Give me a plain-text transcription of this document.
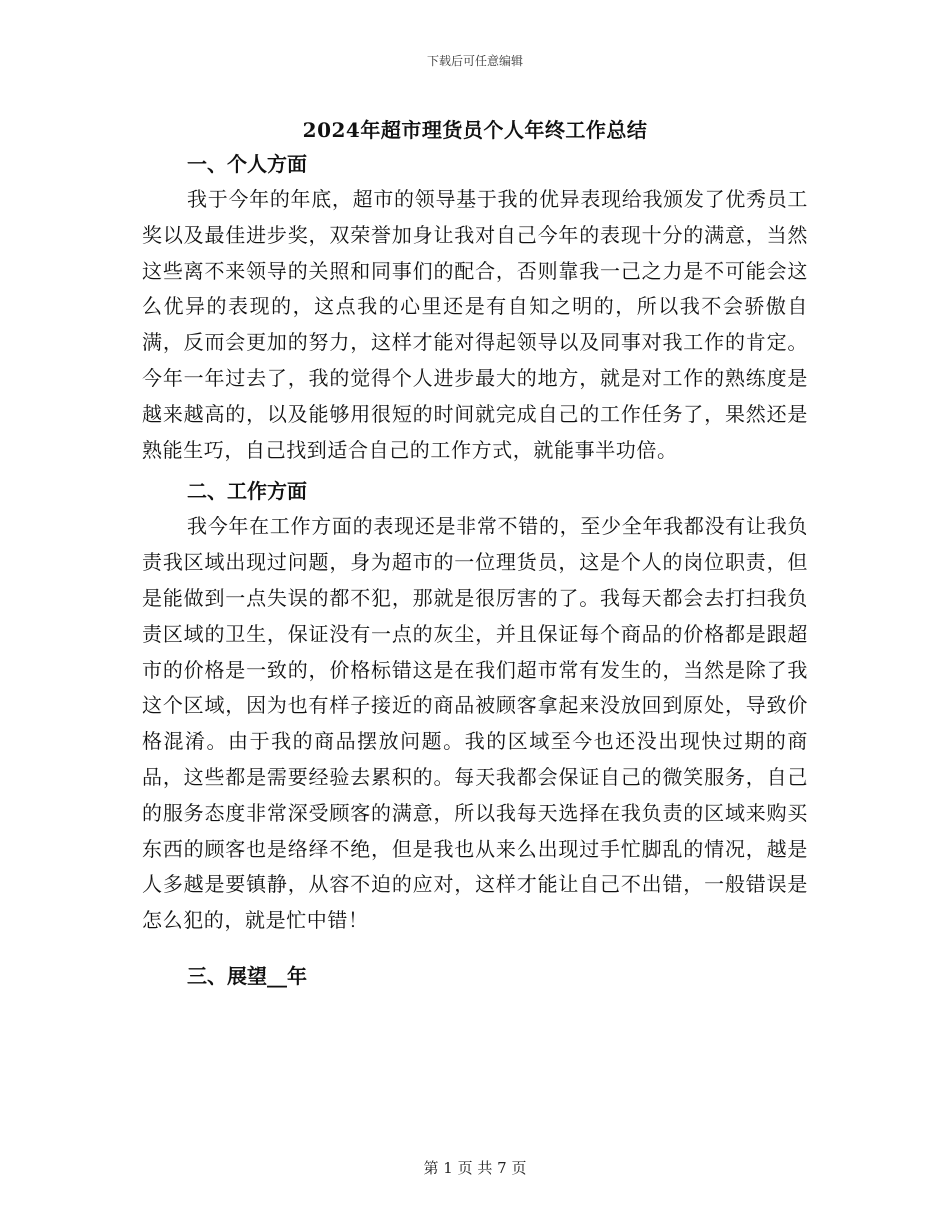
下载后可任意编辑
2024年超市理货员个人年终工作总结
一、个人方面

我于今年的年底，超市的领导基于我的优异表现给我颁发了优秀员工奖以及最佳进步奖，双荣誉加身让我对自己今年的表现十分的满意，当然这些离不来领导的关照和同事们的配合，否则靠我一己之力是不可能会这么优异的表现的，这点我的心里还是有自知之明的，所以我不会骄傲自满，反而会更加的努力，这样才能对得起领导以及同事对我工作的肯定。今年一年过去了，我的觉得个人进步最大的地方，就是对工作的熟练度是越来越高的，以及能够用很短的时间就完成自己的工作任务了，果然还是熟能生巧，自己找到适合自己的工作方式，就能事半功倍。

二、工作方面

我今年在工作方面的表现还是非常不错的，至少全年我都没有让我负责我区域出现过问题，身为超市的一位理货员，这是个人的岗位职责，但是能做到一点失误的都不犯，那就是很厉害的了。我每天都会去打扫我负责区域的卫生，保证没有一点的灰尘，并且保证每个商品的价格都是跟超市的价格是一致的，价格标错这是在我们超市常有发生的，当然是除了我这个区域，因为也有样子接近的商品被顾客拿起来没放回到原处，导致价格混淆。由于我的商品摆放问题。我的区域至今也还没出现快过期的商品，这些都是需要经验去累积的。每天我都会保证自己的微笑服务，自己的服务态度非常深受顾客的满意，所以我每天选择在我负责的区域来购买东西的顾客也是络绎不绝，但是我也从来么出现过手忙脚乱的情况，越是人多越是要镇静，从容不迫的应对，这样才能让自己不出错，一般错误是怎么犯的，就是忙中错！

三、展望__年
第 1 页 共 7 页
